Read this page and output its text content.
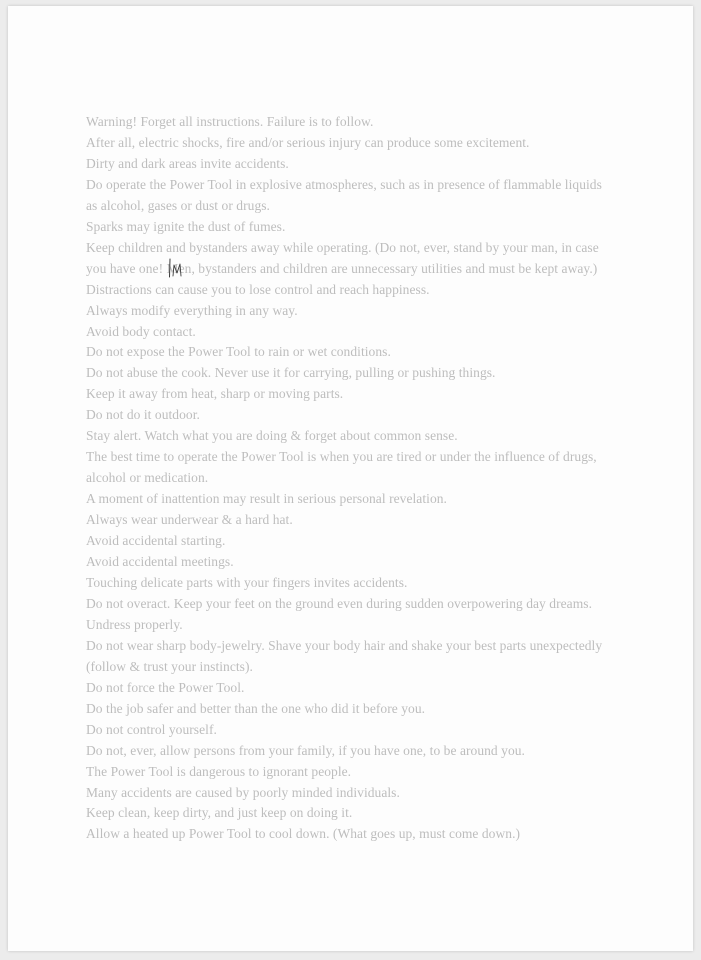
Warning! Forget all instructions. Failure is to follow.
After all, electric shocks, fire and/or serious injury can produce some excitement.
Dirty and dark areas invite accidents.
Do operate the Power Tool in explosive atmospheres, such as in presence of flammable liquids
as alcohol, gases or dust or drugs.
Sparks may ignite the dust of fumes.
Keep children and bystanders away while operating. (Do not, ever, stand by your man, in case
you have one! Men, bystanders and children are unnecessary utilities and must be kept away.)
Distractions can cause you to lose control and reach happiness.
Always modify everything in any way.
Avoid body contact.
Do not expose the Power Tool to rain or wet conditions.
Do not abuse the cook. Never use it for carrying, pulling or pushing things.
Keep it away from heat, sharp or moving parts.
Do not do it outdoor.
Stay alert. Watch what you are doing & forget about common sense.
The best time to operate the Power Tool is when you are tired or under the influence of drugs,
alcohol or medication.
A moment of inattention may result in serious personal revelation.
Always wear underwear & a hard hat.
Avoid accidental starting.
Avoid accidental meetings.
Touching delicate parts with your fingers invites accidents.
Do not overact. Keep your feet on the ground even during sudden overpowering day dreams.
Undress properly.
Do not wear sharp body-jewelry. Shave your body hair and shake your best parts unexpectedly
(follow & trust your instincts).
Do not force the Power Tool.
Do the job safer and better than the one who did it before you.
Do not control yourself.
Do not, ever, allow persons from your family, if you have one, to be around you.
The Power Tool is dangerous to ignorant people.
Many accidents are caused by poorly minded individuals.
Keep clean, keep dirty, and just keep on doing it.
Allow a heated up Power Tool to cool down. (What goes up, must come down.)
